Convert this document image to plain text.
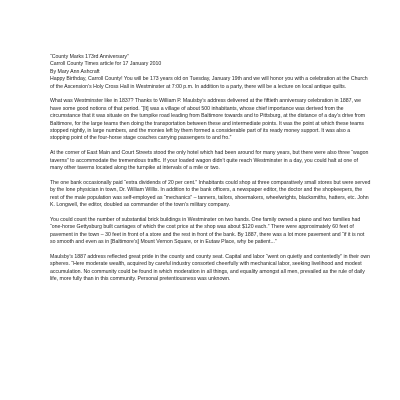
“County Marks 173rd Anniversary”

Carroll County Times article for 17 January 2010

By Mary Ann Ashcraft

Happy Birthday, Carroll County! You will be 173 years old on Tuesday, January 19th and we will honor you with a celebration at the Church of the Ascension’s Holy Cross Hall in Westminster at 7:00 p.m. In addition to a party, there will be a lecture on local antique quilts.

What was Westminster like in 1837? Thanks to William P. Maulsby’s address delivered at the fiftieth anniversary celebration in 1887, we have some good notions of that period. “[It] was a village of about 500 inhabitants, whose chief importance was derived from the circumstance that it was situate on the turnpike road leading from Baltimore towards and to Pittsburg, at the distance of a day’s drive from Baltimore, for the large teams then doing the transportation between these and intermediate points. It was the point at which these teams stopped nightly, in large numbers, and the monies left by them formed a considerable part of its ready money support. It was also a stopping point of the four-horse stage coaches carrying passengers to and fro.”

At the corner of East Main and Court Streets stood the only hotel which had been around for many years, but there were also three “wagon taverns” to accommodate the tremendous traffic. If your loaded wagon didn’t quite reach Westminster in a day, you could halt at one of many other taverns located along the turnpike at intervals of a mile or two.

The one bank occasionally paid “extra dividends of 20 per cent.” Inhabitants could shop at three comparatively small stores but were served by the lone physician in town, Dr. William Willis. In addition to the bank officers, a newspaper editor, the doctor and the shopkeepers, the rest of the male population was self-employed as “mechanics” – tanners, tailors, shoemakers, wheelwrights, blacksmiths, hatters, etc. John K. Longwell, the editor, doubled as commander of the town’s military company.

You could count the number of substantial brick buildings in Westminster on two hands. One family owned a piano and two families had “one-horse Gettysburg built carriages of which the cost price at the shop was about $120 each.” There were approximately 60 feet of pavement in the town – 30 feet in front of a store and the rest in front of the bank. By 1887, there was a lot more pavement and “if it is not so smooth and even as in [Baltimore’s] Mount Vernon Square, or in Eutaw Place, why be patient...”

Maulsby’s 1887 address reflected great pride in the county and county seat. Capital and labor “went on quietly and contentedly” in their own spheres. “Here moderate wealth, acquired by careful industry consorted cheerfully with mechanical labor, seeking livelihood and modest accumulation. No community could be found in which moderation in all things, and equality amongst all men, prevailed as the rule of daily life, more fully than in this community. Personal pretentiousness was unknown.
